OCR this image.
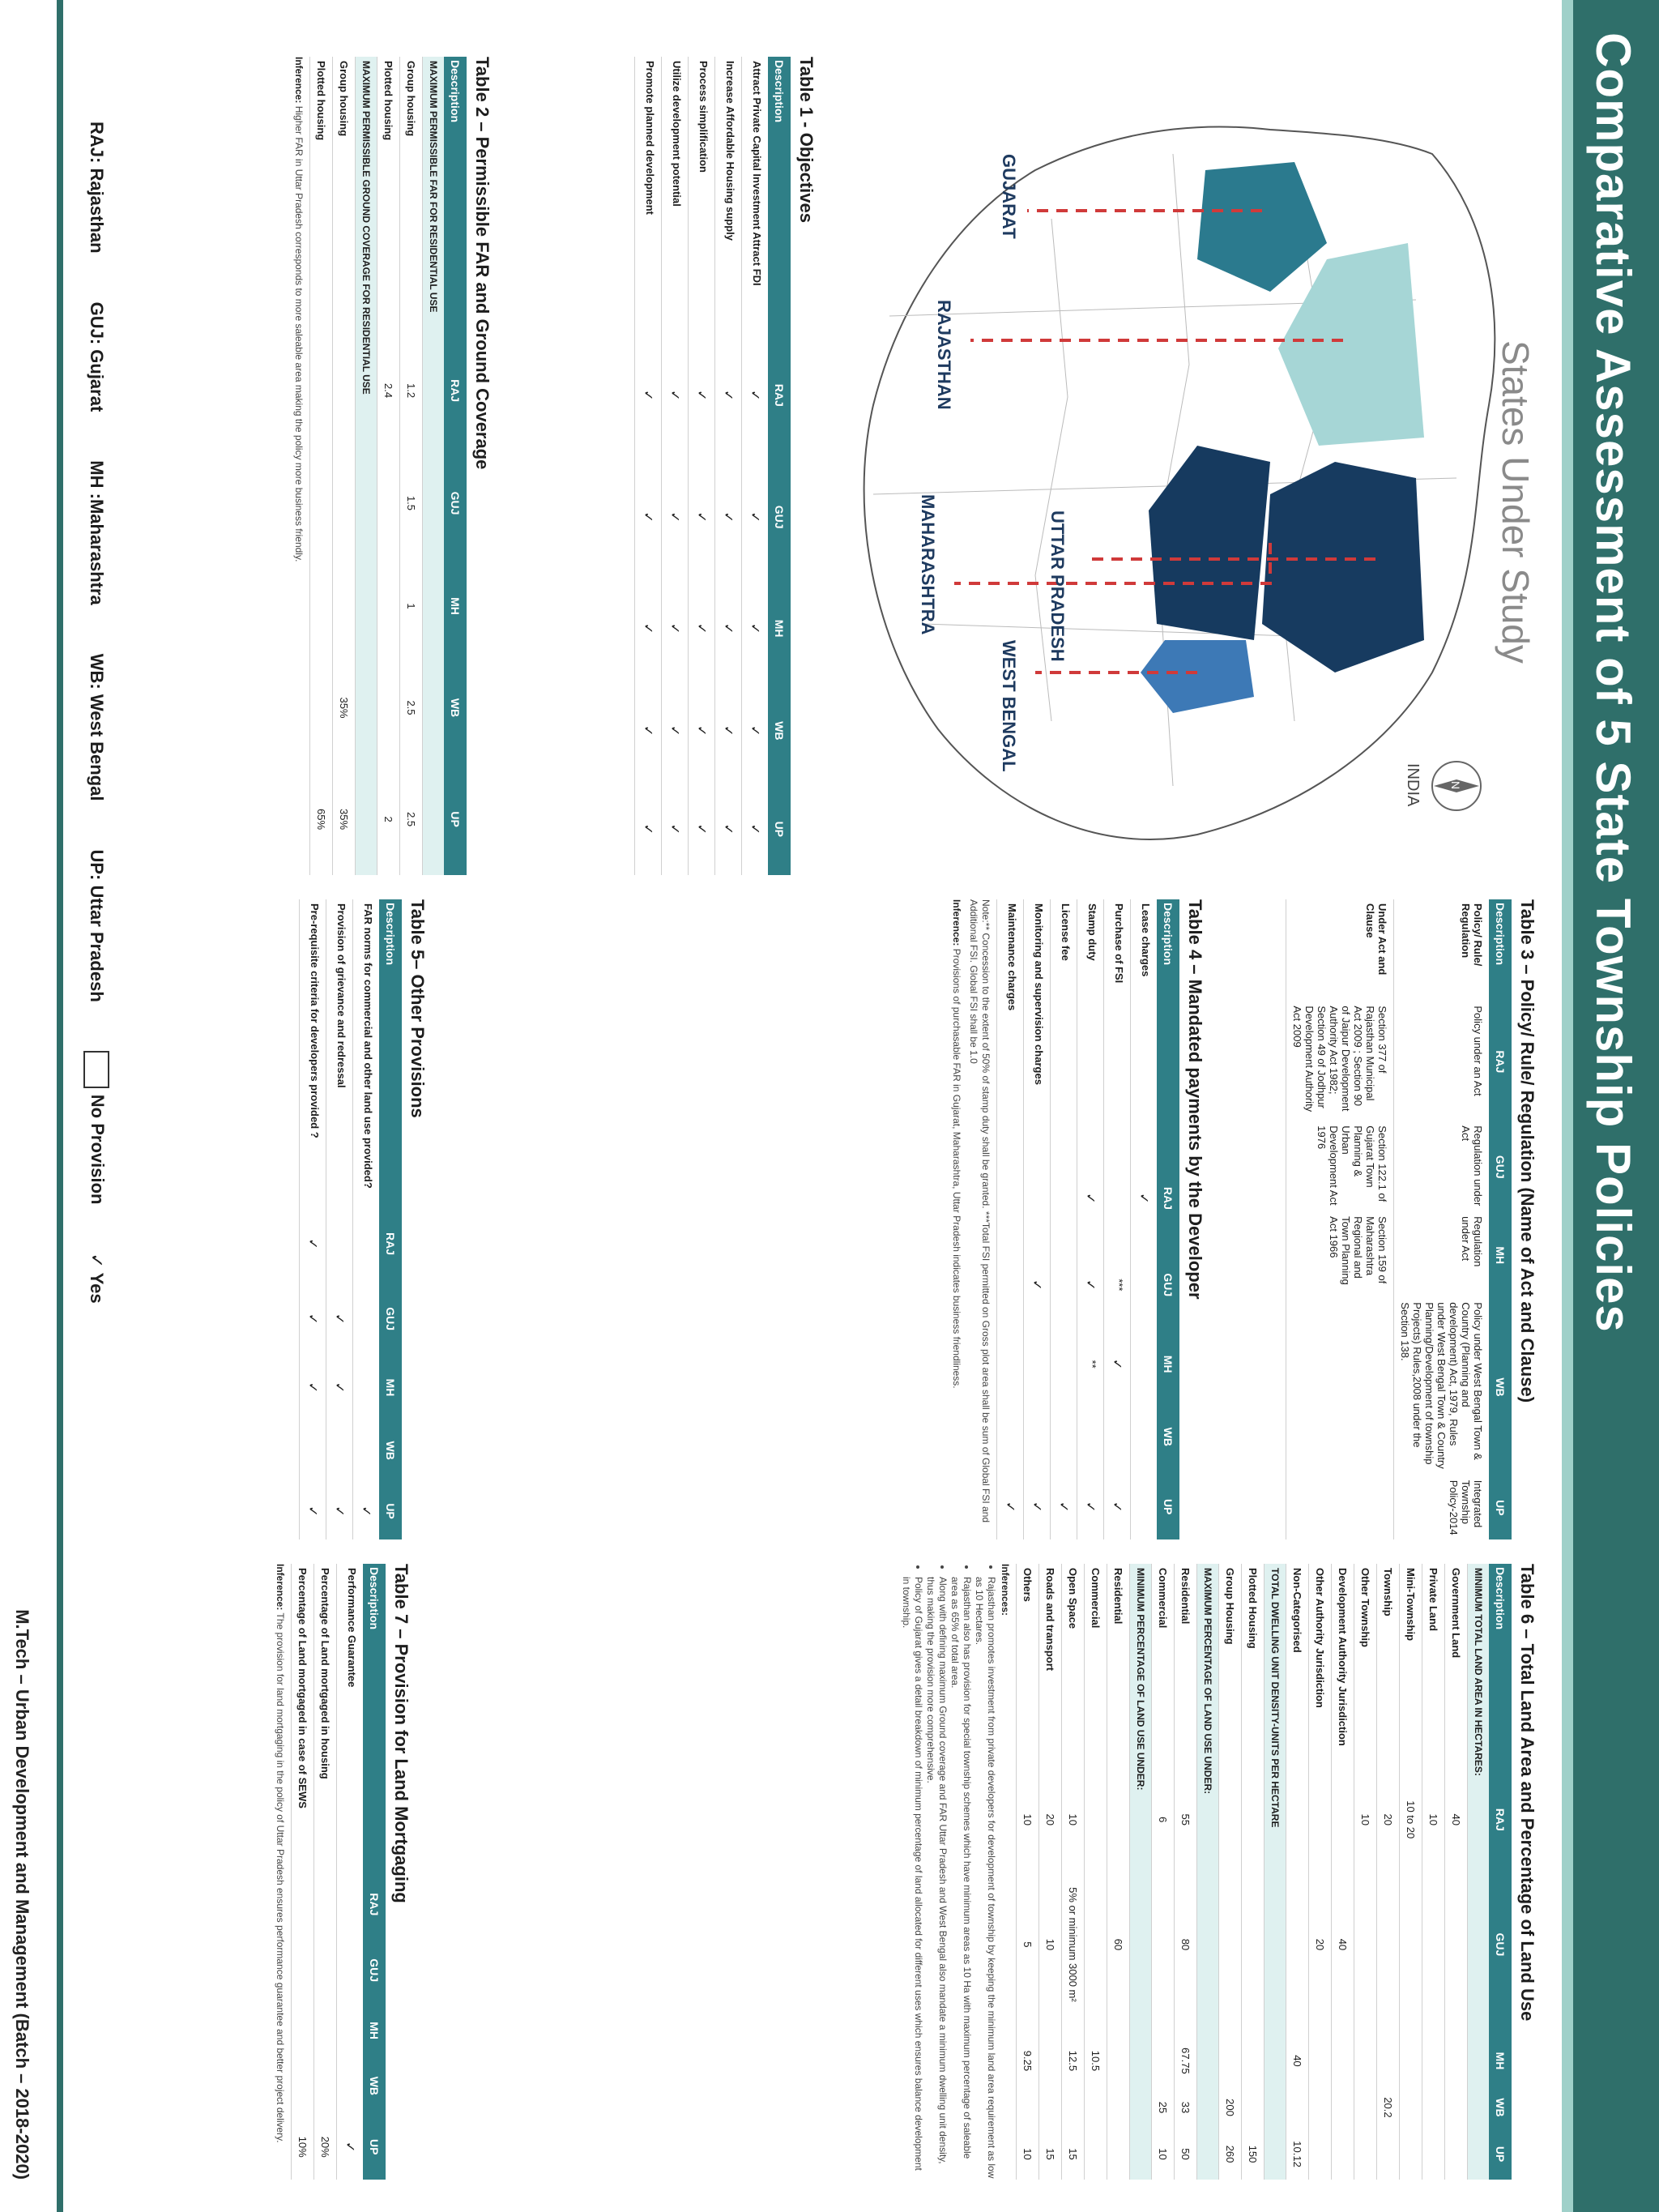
Comparative Assessment of 5 State Township Policies
States Under Study
GUJARAT
RAJASTHAN
MAHARASHTRA	UTTAR PRADESH
WEST BENGAL
N
INDIA
Table 1 - Objectives
Description	RAJ	GUJ	MH	WB	UP
Attract Private Capital Investment Attract FDI	✓	✓	✓	✓	✓
Increase Affordable Housing supply	✓	✓	✓	✓	✓
Process simplification	✓	✓	✓	✓	✓
Utilize development potential	✓	✓	✓	✓	✓
Promote planned development	✓	✓	✓	✓	✓
Table 2 – Permissible FAR and Ground Coverage
Description	RAJ	GUJ	MH	WB	UP
MAXIMUM PERMISSIBLE FAR FOR RESIDENTIAL USE					
Group housing	1.2	1.5	1	2.5	2.5
Plotted housing	2.4				2
MAXIMUM PERMISSIBLE GROUND COVERAGE FOR RESIDENTIAL USE					
Group housing				35%	35%
Plotted housing					65%
Inference: Higher FAR in Uttar Pradesh corresponds to more saleable area making the policy more business friendly.
Table 3 – Policy/ Rule/ Regulation (Name of Act and Clause)
Description	RAJ	GUJ	MH	WB	UP
Policy/ Rule/ Regulation	Policy under an Act	Regulation under Act	Regulation under Act	Policy under West Bengal Town & Country (Planning and development) Act, 1979, Rules under West Bengal Town & Country Planning/Development of township Projects) Rules,2008 under the Section 138.	Integrated Township Policy-2014
Under Act and Clause	Section 377 of Rajasthan Municipal Act 2009 ; Section 90 of Jaipur Development Authority Act 1982; Section 49 of Jodhpur Development Authority Act 2009	Section 122.1 of Gujarat Town Planning & Urban Development Act 1976	Section 159 of Maharashtra Regional and Town Planning Act 1966		
Table 4 – Mandated payments by the Developer
Description	RAJ	GUJ	MH	WB	UP
Lease charges	✓				
Purchase of FSI		***	✓		✓
Stamp duty	✓	✓	**		✓
License fee					✓
Monitoring and supervision charges		✓			✓
Maintenance charges					✓
Note:** Concession to the extent of 50% of stamp duty shall be granted. ***Total FSI permitted on Gross plot area shall be sum of Global FSI and Additional FSI. Global FSI shall be 1.0
Inference: Provisions of purchasable FAR in Gujarat, Maharashtra, Uttar Pradesh indicates business friendliness.
Table 5– Other Provisions
Description	RAJ	GUJ	MH	WB	UP
FAR norms for commercial and other land use provided?					✓
Provision of grievance and redressal		✓	✓		✓
Pre-requisite criteria for developers provided ?	✓	✓	✓		✓
Table 6 – Total Land Area and Percentage of Land Use
Description	RAJ	GUJ	MH	WB	UP
MINIMUM TOTAL LAND AREA IN HECTARES:					
Government Land	40				
Private Land	10				
Mini-Township	10 to 20				
Township	20			20.2	
Other Township	10				
Development Authority Jurisdiction		40			
Other Authority Jurisdiction		20			
Non-Categorised			40		10.12
TOTAL DWELLING UNIT DENSITY-UNITS PER HECTARE					
Plotted Housing					150
Group Housing				200	260
MAXIMUM PERCENTAGE OF LAND USE UNDER:					
Residential	55	80	67.75	33	50
Commercial	6			25	10
MINIMUM PERCENTAGE OF LAND USE UNDER:					
Residential		60			
Commercial			10.5		
Open Space	10	5% or minimum 3000 m²	12.5		15
Roads and transport	20	10			15
Others	10	5	9.25		10
Inferences:
• Rajasthan promotes investment from private developers for development of township by keeping the minimum land area requirement as low as 10 Hectares.
• Rajasthan also has provision for special township schemes which have minimum areas as 10 Ha with maximum percentage of saleable area as 65% of total area.
• Along with defining maximum Ground coverage and FAR Uttar Pradesh and West Bengal also mandate a minimum dwelling unit density, thus making the provision more comprehensive.
• Policy of Gujarat gives a detail breakdown of minimum percentage of land allocated for different uses which ensures balance development in township.
Table 7 – Provision for Land Mortgaging
Description	RAJ	GUJ	MH	WB	UP
Performance Guarantee					✓
Percentage of Land mortgaged in housing					20%
Percentage of Land mortgaged in case of SEWS					10%
Inference: The provision for land mortgaging in the policy of Uttar Pradesh ensures performance guarantee and better project delivery.
RAJ: Rajasthan
GUJ: Gujarat
MH :Maharashtra
WB: West Bengal
UP: Uttar Pradesh
No Provision
✓ Yes
M.Tech – Urban Development and Management (Batch – 2018-2020)
